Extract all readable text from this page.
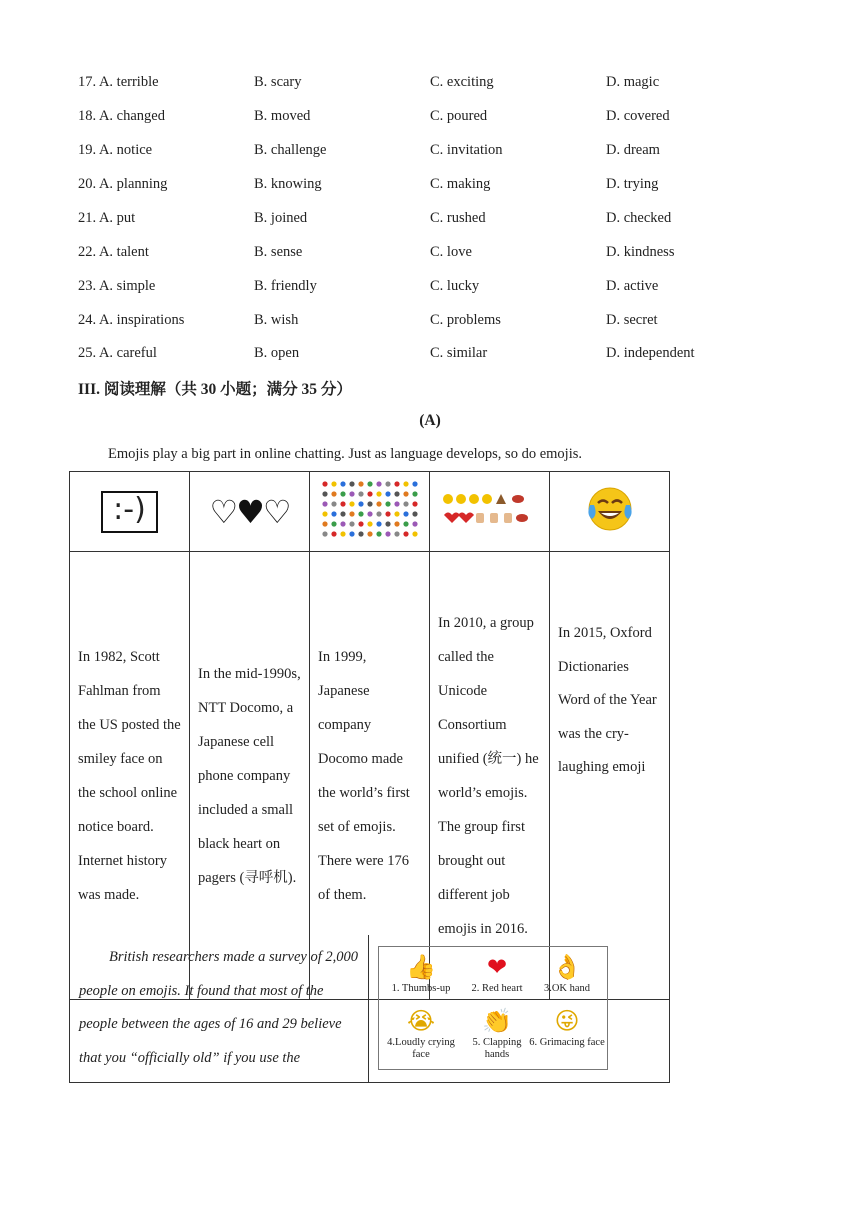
17. A. terrible	B. scary	C. exciting	D. magic
18. A. changed	B. moved	C. poured	D. covered
19. A. notice	B. challenge	C. invitation	D. dream
20. A. planning	B. knowing	C. making	D. trying
21. A. put	B. joined	C. rushed	D. checked
22. A. talent	B. sense	C. love	D. kindness
23. A. simple	B. friendly	C. lucky	D. active
24. A. inspirations	B. wish	C. problems	D. secret
25. A. careful	B. open	C. similar	D. independent
III. 阅读理解（共 30 小题；满分 35 分）
(A)
Emojis play a big part in online chatting. Just as language develops, so do emojis.
:-)	♡♥♡			
In 1982, Scott Fahlman from the US posted the smiley face on the school online notice board. Internet history was made.	In the mid-1990s, NTT Docomo, a Japanese cell phone company included a small black heart on pagers (寻呼机).	In 1999, Japanese company Docomo made the world’s first set of emojis. There were 176 of them.	In 2010, a group called the Unicode Consortium unified (统一) he world’s emojis. The group first brought out different job emojis in 2016.	In 2015, Oxford Dictionaries Word of the Year was the cry-laughing emoji
British researchers made a survey of 2,000 people on emojis. It found that most of the people between the ages of 16 and 29 believe that you “officially old” if you use the
👍
1. Thumbs-up
❤
2. Red heart
👌
3.OK hand
😭
4.Loudly crying face
👏
5. Clapping hands
😜
6. Grimacing face
